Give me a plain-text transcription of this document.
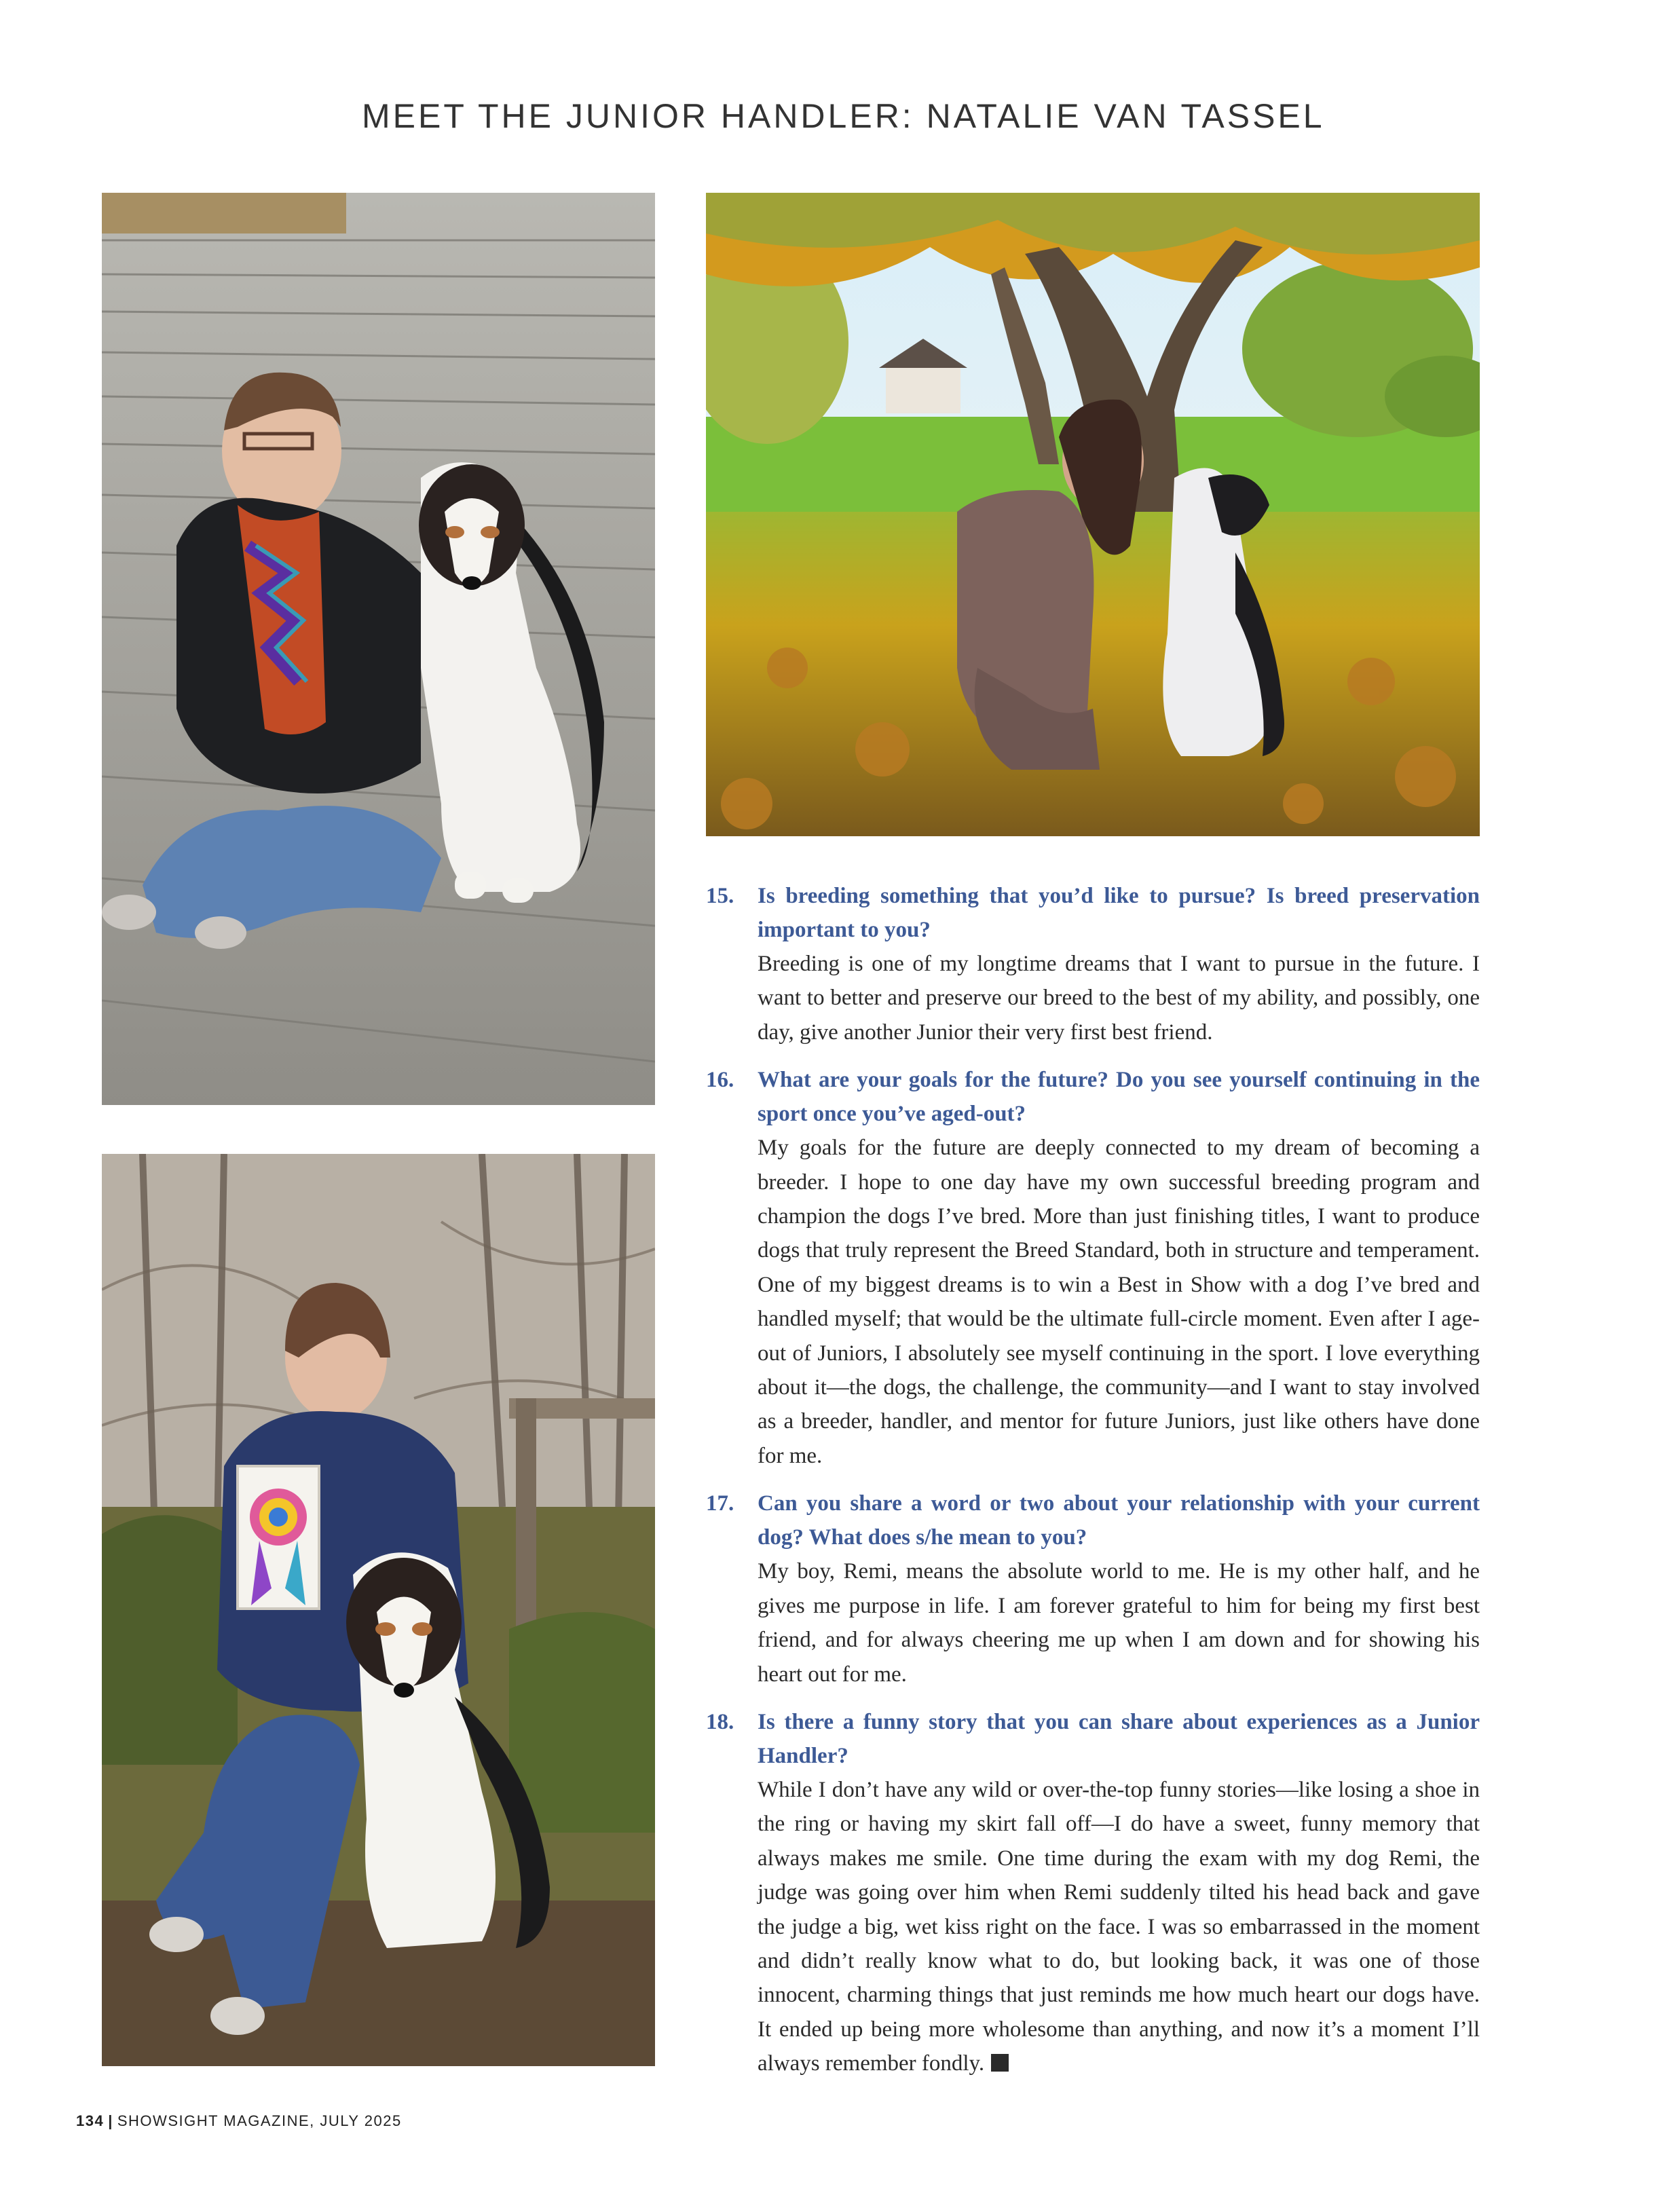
MEET THE JUNIOR HANDLER: NATALIE VAN TASSEL
15. Is breeding something that you’d like to pursue? Is breed preservation important to you?
Breeding is one of my longtime dreams that I want to pursue in the future. I want to better and preserve our breed to the best of my ability, and possibly, one day, give another Junior their very first best friend.
16. What are your goals for the future? Do you see yourself continuing in the sport once you’ve aged-out?
My goals for the future are deeply connected to my dream of becoming a breeder. I hope to one day have my own successful breeding program and champion the dogs I’ve bred. More than just finishing titles, I want to produce dogs that truly represent the Breed Standard, both in structure and temperament. One of my biggest dreams is to win a Best in Show with a dog I’ve bred and handled myself; that would be the ultimate full-circle moment. Even after I age-out of Juniors, I absolutely see myself continuing in the sport. I love everything about it—the dogs, the challenge, the community—and I want to stay involved as a breeder, handler, and mentor for future Juniors, just like others have done for me.
17. Can you share a word or two about your relationship with your current dog? What does s/he mean to you?
My boy, Remi, means the absolute world to me. He is my other half, and he gives me purpose in life. I am forever grateful to him for being my first best friend, and for always cheering me up when I am down and for showing his heart out for me.
18. Is there a funny story that you can share about experiences as a Junior Handler?
While I don’t have any wild or over-the-top funny stories—like losing a shoe in the ring or having my skirt fall off—I do have a sweet, funny memory that always makes me smile. One time during the exam with my dog Remi, the judge was going over him when Remi suddenly tilted his head back and gave the judge a big, wet kiss right on the face. I was so embarrassed in the moment and didn’t really know what to do, but looking back, it was one of those innocent, charming things that just reminds me how much heart our dogs have. It ended up being more wholesome than anything, and now it’s a moment I’ll always remember fondly.
134 | SHOWSIGHT MAGAZINE, JULY 2025
